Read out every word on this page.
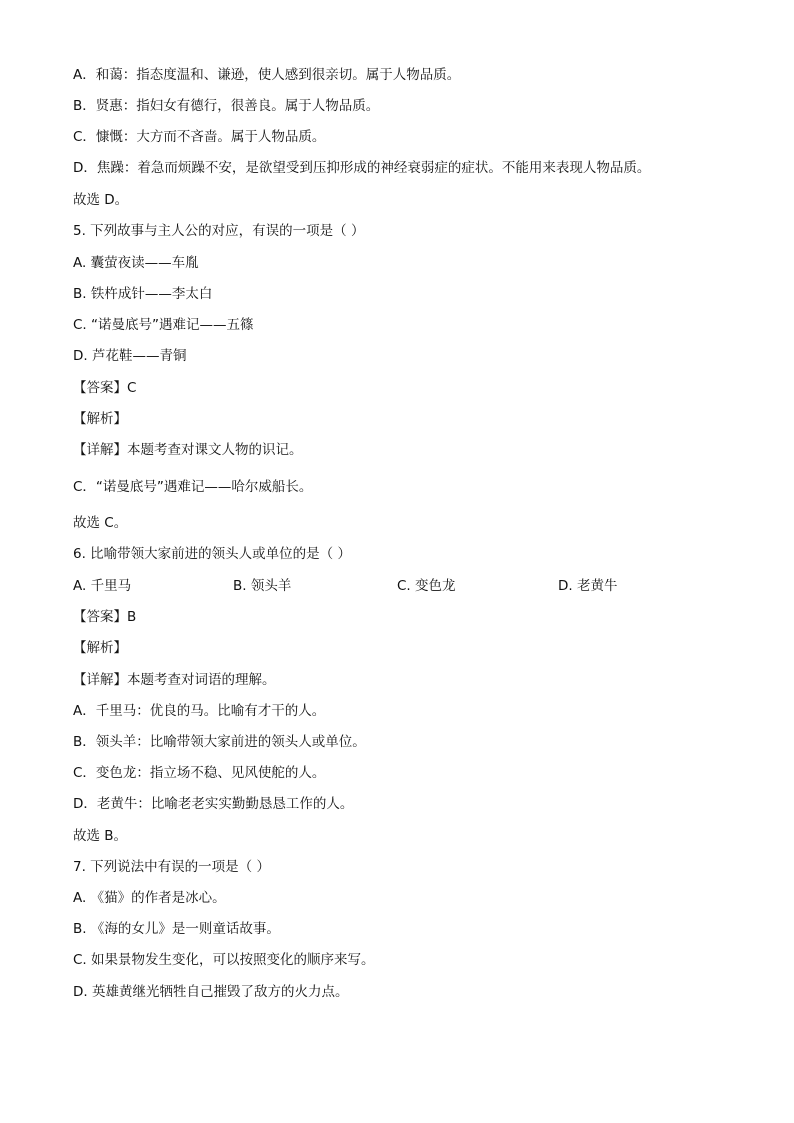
A．和蔼：指态度温和、谦逊，使人感到很亲切。属于人物品质。
B．贤惠：指妇女有德行，很善良。属于人物品质。
C．慷慨：大方而不吝啬。属于人物品质。
D．焦躁：着急而烦躁不安，是欲望受到压抑形成的神经衰弱症的症状。不能用来表现人物品质。
故选 D。
5. 下列故事与主人公的对应，有误的一项是（ ）
A. 囊萤夜读——车胤
B. 铁杵成针——李太白
C. “诺曼底号”遇难记——五篠
D. 芦花鞋——青铜
【答案】C
【解析】
【详解】本题考查对课文人物的识记。
C．“诺曼底号”遇难记——哈尔威船长。
故选 C。
6. 比喻带领大家前进的领头人或单位的是（ ）
A. 千里马	B. 领头羊	C. 变色龙	D. 老黄牛
【答案】B
【解析】
【详解】本题考查对词语的理解。
A．千里马：优良的马。比喻有才干的人。
B．领头羊：比喻带领大家前进的领头人或单位。
C．变色龙：指立场不稳、见风使舵的人。
D．老黄牛：比喻老老实实勤勤恳恳工作的人。
故选 B。
7. 下列说法中有误的一项是（ ）
A. 《猫》的作者是冰心。
B. 《海的女儿》是一则童话故事。
C. 如果景物发生变化，可以按照变化的顺序来写。
D. 英雄黄继光牺牲自己摧毁了敌方的火力点。
